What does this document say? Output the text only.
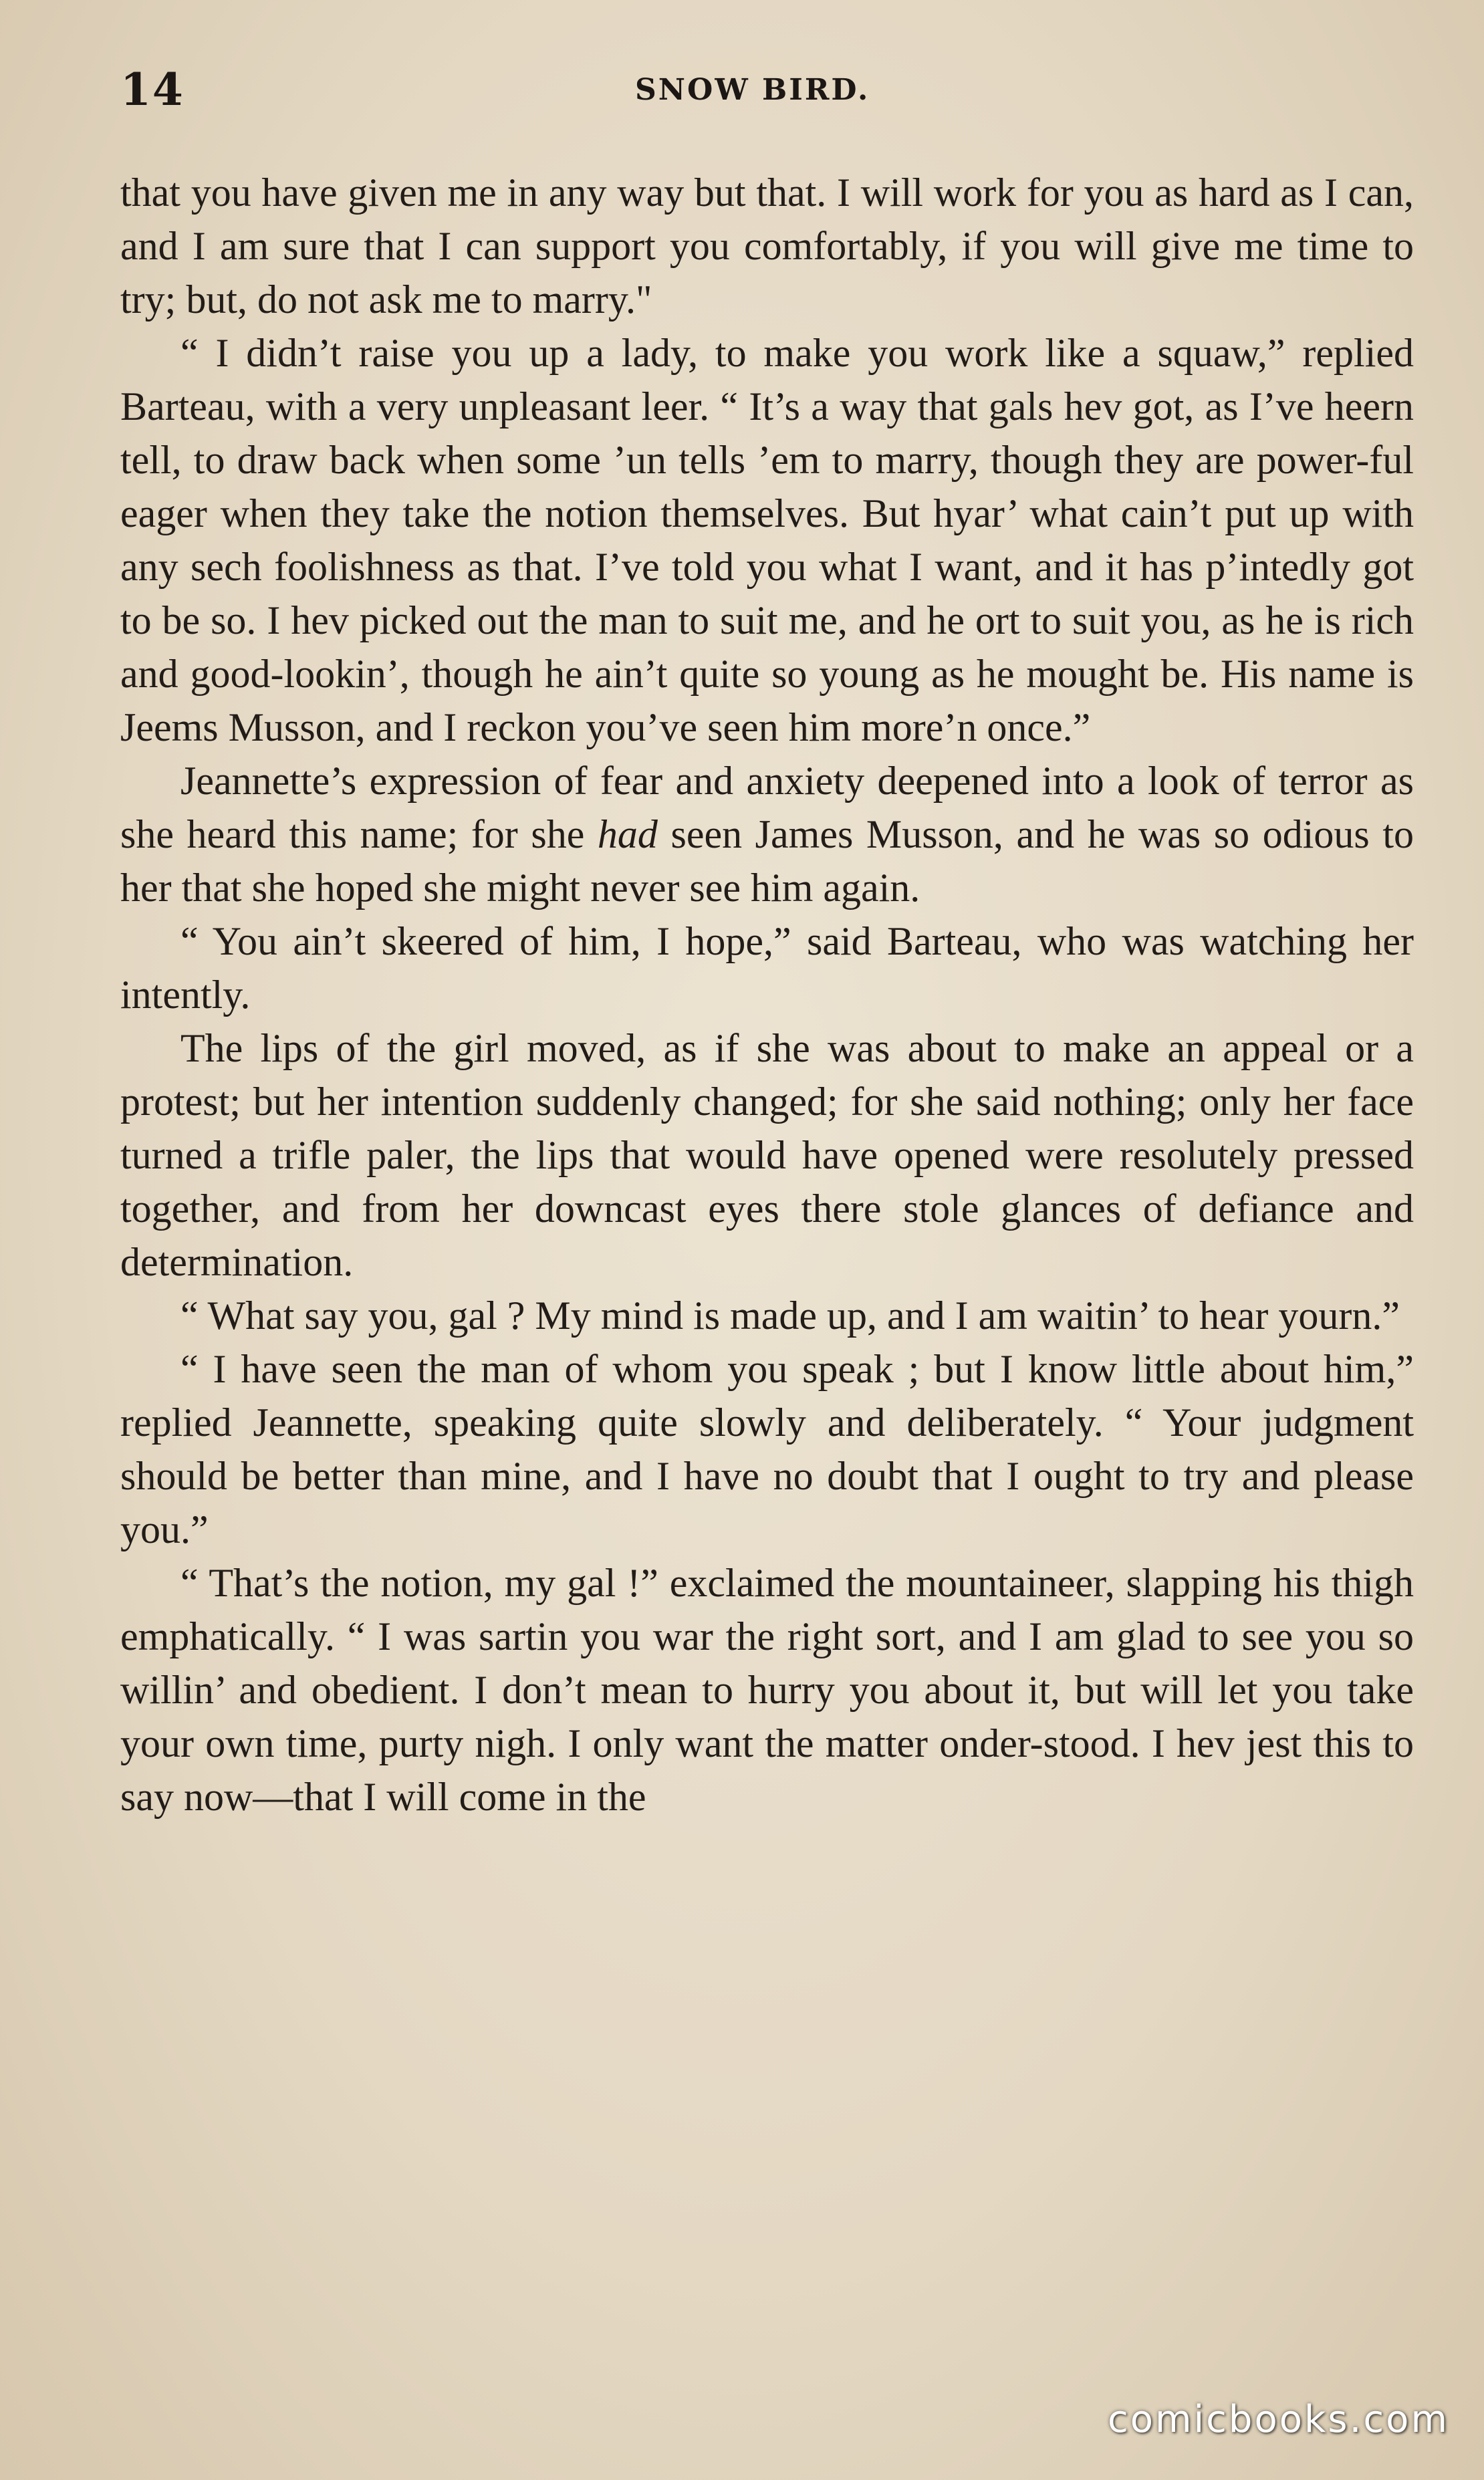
14	SNOW BIRD.

that you have given me in any way but that. I will work for you as hard as I can, and I am sure that I can support you comfortably, if you will give me time to try; but, do not ask me to marry."

“ I didn’t raise you up a lady, to make you work like a squaw,” replied Barteau, with a very unpleasant leer. “ It’s a way that gals hev got, as I’ve heern tell, to draw back when some ’un tells ’em to marry, though they are power-ful eager when they take the notion themselves. But hyar’ what cain’t put up with any sech foolishness as that. I’ve told you what I want, and it has p’intedly got to be so. I hev picked out the man to suit me, and he ort to suit you, as he is rich and good-lookin’, though he ain’t quite so young as he mought be. His name is Jeems Musson, and I reckon you’ve seen him more’n once.”

Jeannette’s expression of fear and anxiety deepened into a look of terror as she heard this name; for she had seen James Musson, and he was so odious to her that she hoped she might never see him again.

“ You ain’t skeered of him, I hope,” said Barteau, who was watching her intently.

The lips of the girl moved, as if she was about to make an appeal or a protest; but her intention suddenly changed; for she said nothing; only her face turned a trifle paler, the lips that would have opened were resolutely pressed together, and from her downcast eyes there stole glances of defiance and determination.

“ What say you, gal ? My mind is made up, and I am waitin’ to hear yourn.”

“ I have seen the man of whom you speak ; but I know little about him,” replied Jeannette, speaking quite slowly and deliberately. “ Your judgment should be better than mine, and I have no doubt that I ought to try and please you.”

“ That’s the notion, my gal !” exclaimed the mountaineer, slapping his thigh emphatically. “ I was sartin you war the right sort, and I am glad to see you so willin’ and obedient. I don’t mean to hurry you about it, but will let you take your own time, purty nigh. I only want the matter onder-stood. I hev jest this to say now—that I will come in the

comicbooks.com
